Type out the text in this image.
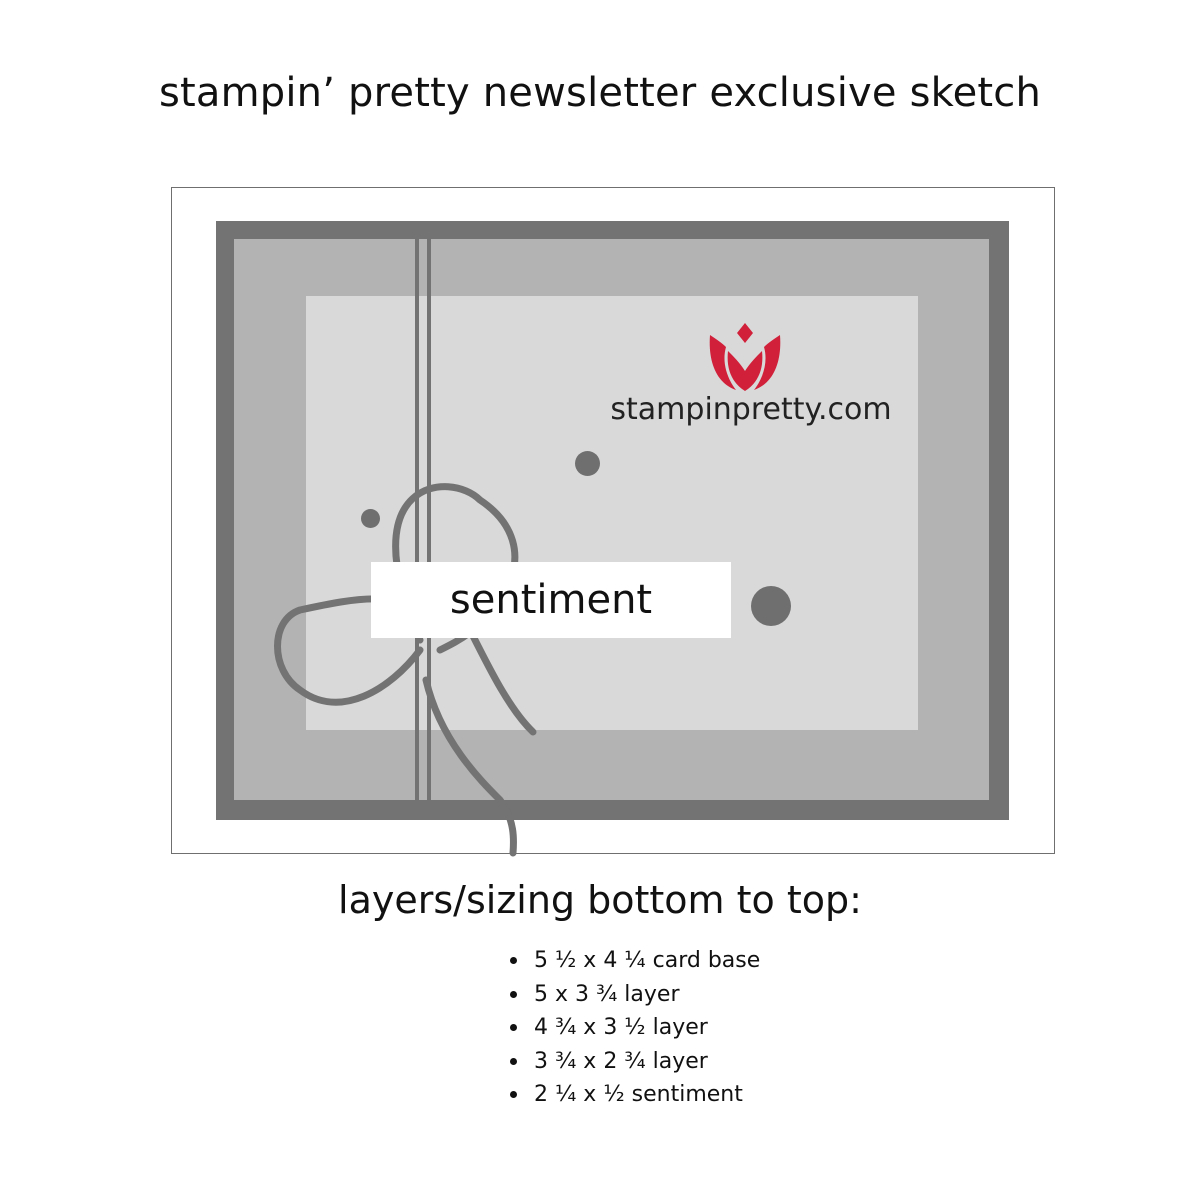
stampin’ pretty newsletter exclusive sketch
stampinpretty.com
sentiment
layers/sizing bottom to top:
5 ½ x 4 ¼ card base
5 x 3 ¾ layer
4 ¾ x 3 ½ layer
3 ¾ x 2 ¾ layer
2 ¼ x ½ sentiment
